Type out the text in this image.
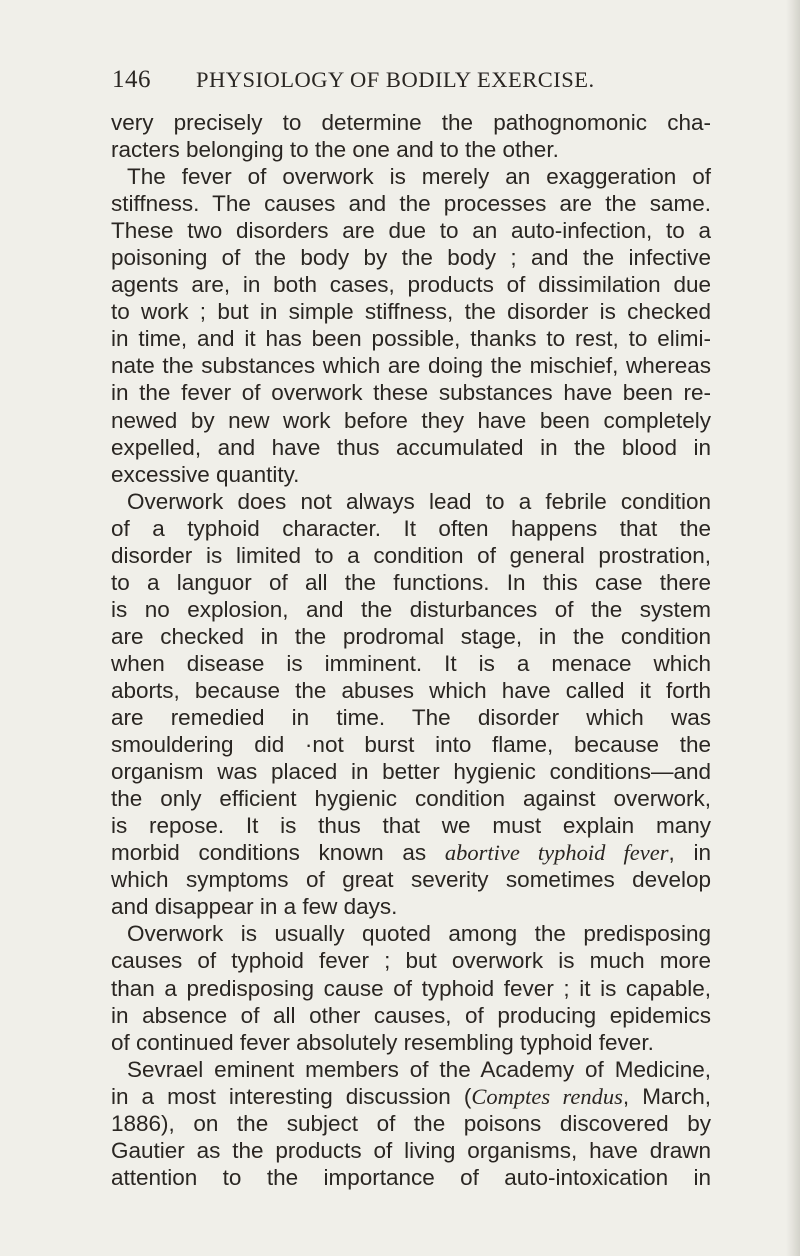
146 PHYSIOLOGY OF BODILY EXERCISE.
very precisely to determine the pathognomonic cha-
racters belonging to the one and to the other.
The fever of overwork is merely an exaggeration of
stiffness. The causes and the processes are the same.
These two disorders are due to an auto-infection, to a
poisoning of the body by the body ; and the infective
agents are, in both cases, products of dissimilation due
to work ; but in simple stiffness, the disorder is checked
in time, and it has been possible, thanks to rest, to elimi-
nate the substances which are doing the mischief, whereas
in the fever of overwork these substances have been re-
newed by new work before they have been completely
expelled, and have thus accumulated in the blood in
excessive quantity.
Overwork does not always lead to a febrile condition
of a typhoid character. It often happens that the
disorder is limited to a condition of general prostration,
to a languor of all the functions. In this case there
is no explosion, and the disturbances of the system
are checked in the prodromal stage, in the condition
when disease is imminent. It is a menace which
aborts, because the abuses which have called it forth
are remedied in time. The disorder which was
smouldering did ·not burst into flame, because the
organism was placed in better hygienic conditions—and
the only efficient hygienic condition against overwork,
is repose. It is thus that we must explain many
morbid conditions known as abortive typhoid fever, in
which symptoms of great severity sometimes develop
and disappear in a few days.
Overwork is usually quoted among the predisposing
causes of typhoid fever ; but overwork is much more
than a predisposing cause of typhoid fever ; it is capable,
in absence of all other causes, of producing epidemics
of continued fever absolutely resembling typhoid fever.
Sevrael eminent members of the Academy of Medicine,
in a most interesting discussion (Comptes rendus, March,
1886), on the subject of the poisons discovered by
Gautier as the products of living organisms, have drawn
attention to the importance of auto-intoxication in
